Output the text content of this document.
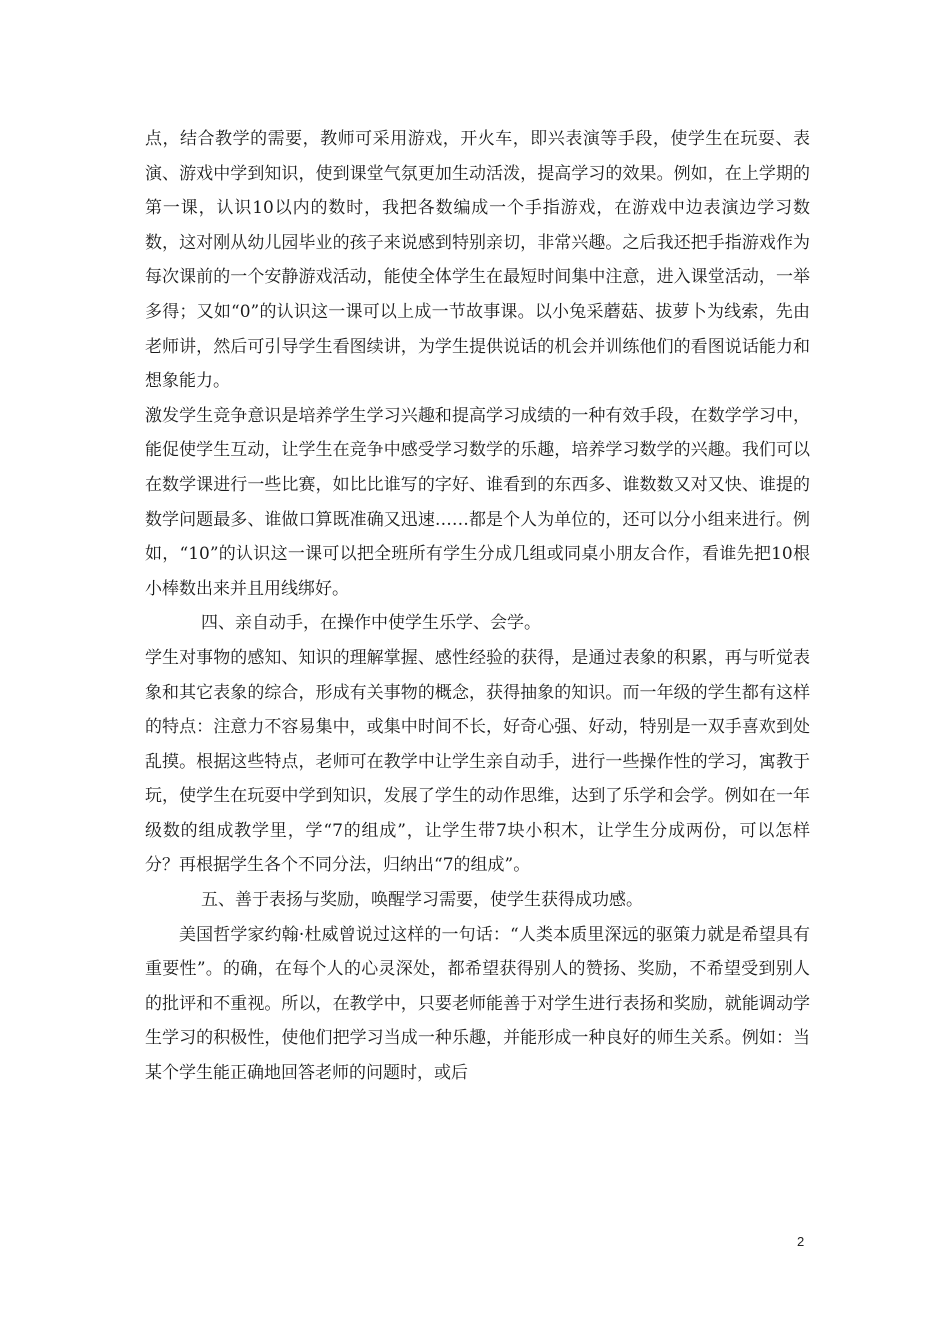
点，结合教学的需要，教师可采用游戏，开火车，即兴表演等手段，使学生在玩耍、表演、游戏中学到知识，使到课堂气氛更加生动活泼，提高学习的效果。例如，在上学期的第一课，认识10以内的数时，我把各数编成一个手指游戏，在游戏中边表演边学习数数，这对刚从幼儿园毕业的孩子来说感到特别亲切，非常兴趣。之后我还把手指游戏作为每次课前的一个安静游戏活动，能使全体学生在最短时间集中注意，进入课堂活动，一举多得；又如“0”的认识这一课可以上成一节故事课。以小兔采蘑菇、拔萝卜为线索，先由老师讲，然后可引导学生看图续讲，为学生提供说话的机会并训练他们的看图说话能力和想象能力。

激发学生竞争意识是培养学生学习兴趣和提高学习成绩的一种有效手段，在数学学习中，能促使学生互动，让学生在竞争中感受学习数学的乐趣，培养学习数学的兴趣。我们可以在数学课进行一些比赛，如比比谁写的字好、谁看到的东西多、谁数数又对又快、谁提的数学问题最多、谁做口算既准确又迅速……都是个人为单位的，还可以分小组来进行。例如，“10”的认识这一课可以把全班所有学生分成几组或同桌小朋友合作，看谁先把10根小棒数出来并且用线绑好。

四、亲自动手，在操作中使学生乐学、会学。

学生对事物的感知、知识的理解掌握、感性经验的获得，是通过表象的积累，再与听觉表象和其它表象的综合，形成有关事物的概念，获得抽象的知识。而一年级的学生都有这样的特点：注意力不容易集中，或集中时间不长，好奇心强、好动，特别是一双手喜欢到处乱摸。根据这些特点，老师可在教学中让学生亲自动手，进行一些操作性的学习，寓教于玩，使学生在玩耍中学到知识，发展了学生的动作思维，达到了乐学和会学。例如在一年级数的组成教学里，学“7的组成”，让学生带7块小积木，让学生分成两份，可以怎样分？再根据学生各个不同分法，归纳出“7的组成”。

五、善于表扬与奖励，唤醒学习需要，使学生获得成功感。

美国哲学家约翰·杜威曾说过这样的一句话：“人类本质里深远的驱策力就是希望具有重要性”。的确，在每个人的心灵深处，都希望获得别人的赞扬、奖励，不希望受到别人的批评和不重视。所以，在教学中，只要老师能善于对学生进行表扬和奖励，就能调动学生学习的积极性，使他们把学习当成一种乐趣，并能形成一种良好的师生关系。例如：当某个学生能正确地回答老师的问题时，或后

2
